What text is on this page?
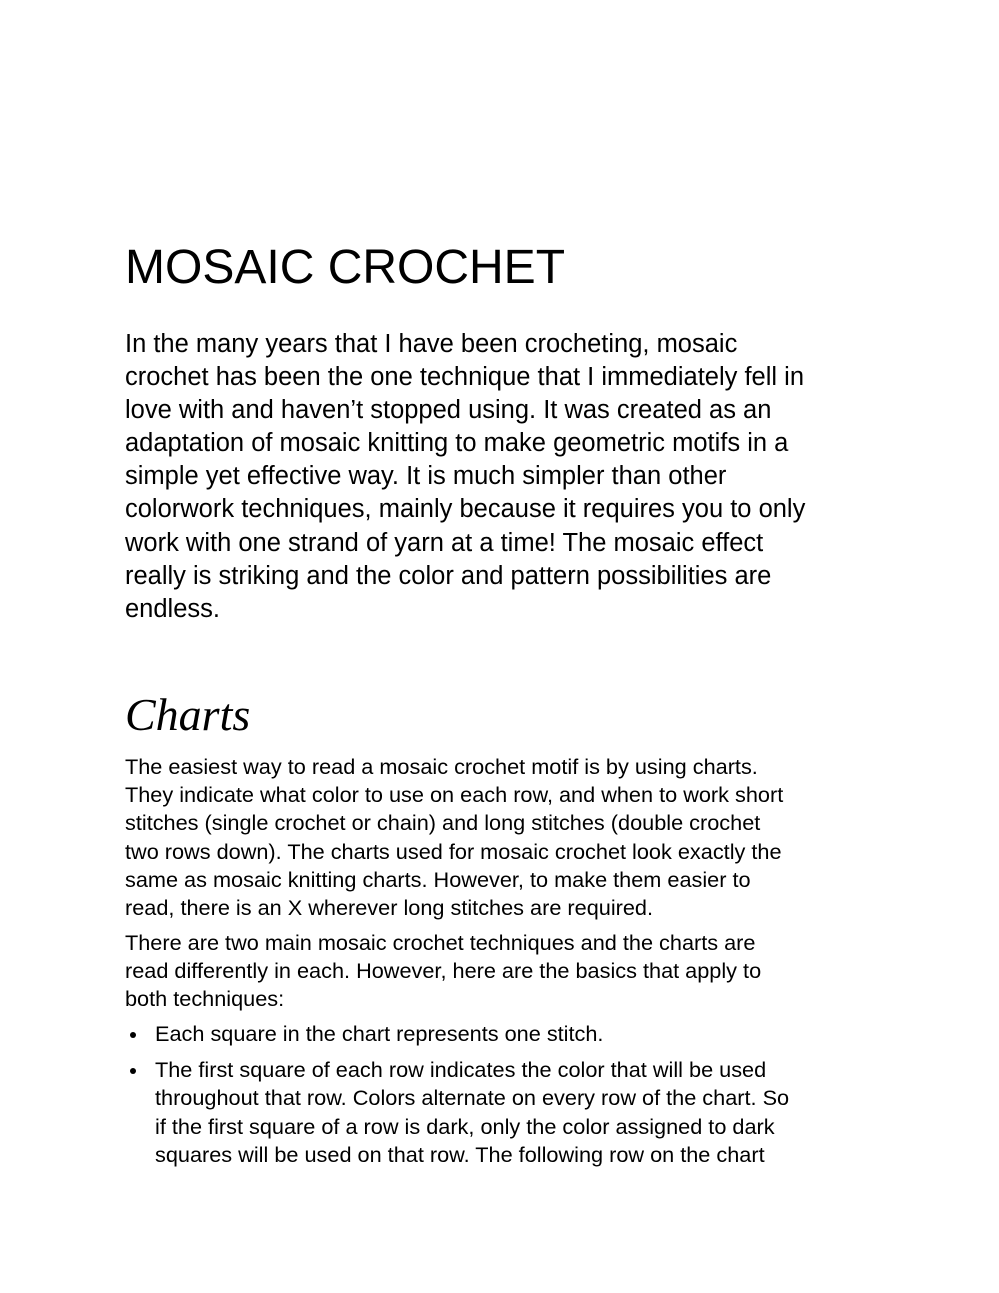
MOSAIC CROCHET

In the many years that I have been crocheting, mosaic
crochet has been the one technique that I immediately fell in
love with and haven’t stopped using. It was created as an
adaptation of mosaic knitting to make geometric motifs in a
simple yet effective way. It is much simpler than other
colorwork techniques, mainly because it requires you to only
work with one strand of yarn at a time! The mosaic effect
really is striking and the color and pattern possibilities are
endless.

Charts

The easiest way to read a mosaic crochet motif is by using charts.
They indicate what color to use on each row, and when to work short
stitches (single crochet or chain) and long stitches (double crochet
two rows down). The charts used for mosaic crochet look exactly the
same as mosaic knitting charts. However, to make them easier to
read, there is an X wherever long stitches are required.

There are two main mosaic crochet techniques and the charts are
read differently in each. However, here are the basics that apply to
both techniques:

Each square in the chart represents one stitch.
The first square of each row indicates the color that will be used
throughout that row. Colors alternate on every row of the chart. So
if the first square of a row is dark, only the color assigned to dark
squares will be used on that row. The following row on the chart
